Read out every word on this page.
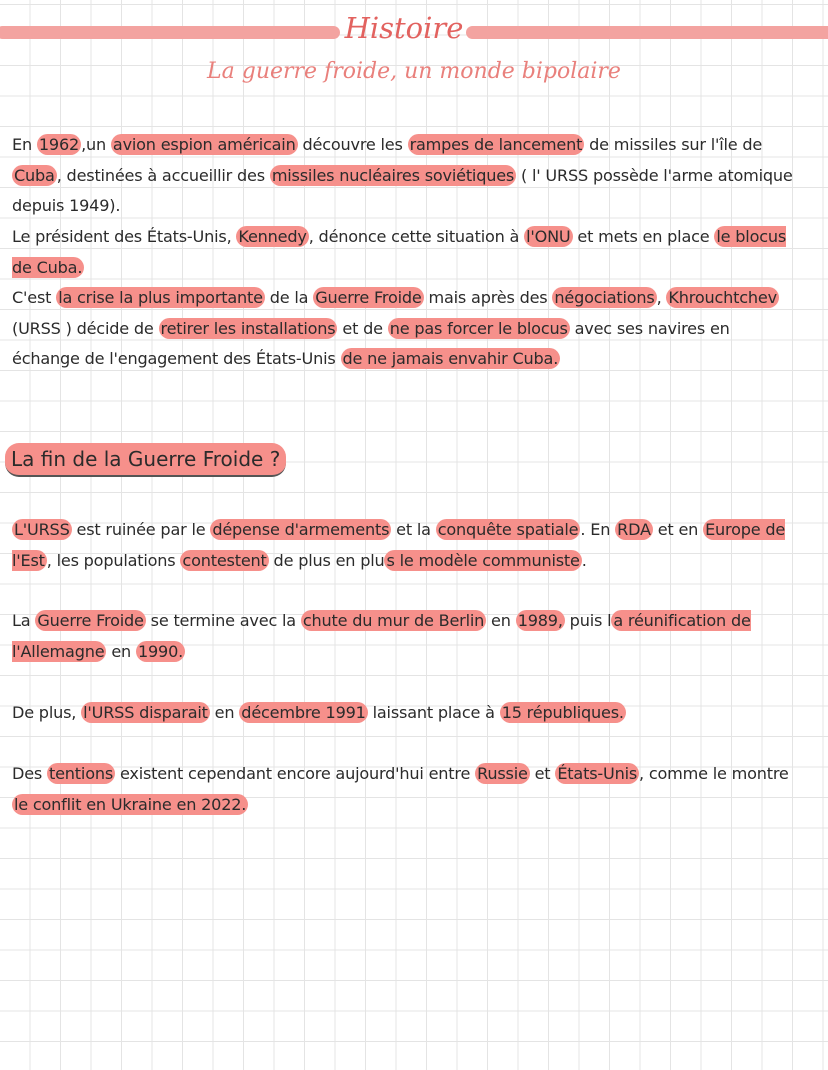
Histoire
La guerre froide, un monde bipolaire

En 1962 ,un avion espion américain découvre les rampes de lancement de missiles sur l'île de Cuba , destinées à accueillir des missiles nucléaires soviétiques ( l' URSS possède l'arme atomique depuis 1949).

Le président des États-Unis, Kennedy , dénonce cette situation à l'ONU et mets en place le blocus de Cuba.

C'est la crise la plus importante de la Guerre Froide mais après des négociations , Khrouchtchev (URSS ) décide de retirer les installations et de ne pas forcer le blocus avec ses navires en échange de l'engagement des États-Unis de ne jamais envahir Cuba.

La fin de la Guerre Froide ?

L'URSS est ruinée par le dépense d'armements et la conquête spatiale . En RDA et en Europe de l'Est , les populations contestent de plus en plu s le modèle communiste .

La Guerre Froide se termine avec la chute du mur de Berlin en 1989, puis l a réunification de l'Allemagne en 1990.

De plus, l'URSS disparait en décembre 1991 laissant place à 15 républiques.

Des tentions existent cependant encore aujourd'hui entre Russie et États-Unis , comme le montre le conflit en Ukraine en 2022.
